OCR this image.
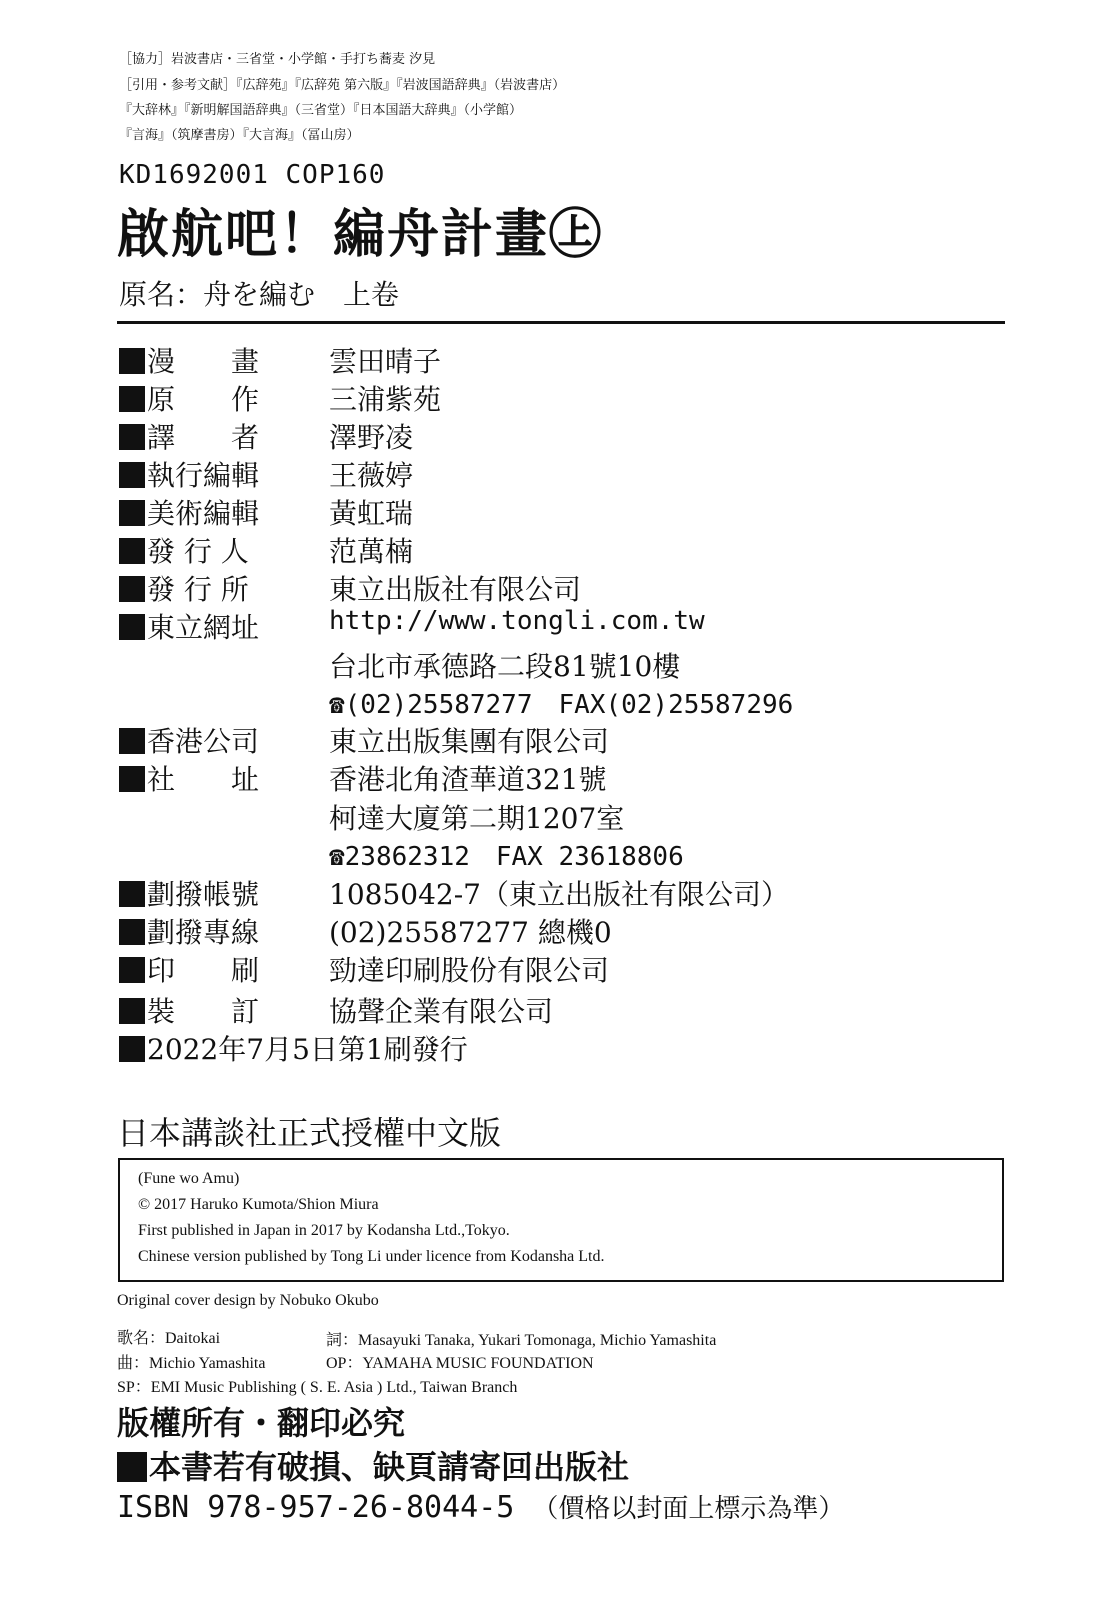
［協力］岩波書店・三省堂・小学館・手打ち蕎麦 汐見
［引用・参考文献］『広辞苑』『広辞苑 第六版』『岩波国語辞典』（岩波書店）
『大辞林』『新明解国語辞典』（三省堂）『日本国語大辞典』（小学館）
『言海』（筑摩書房）『大言海』（冨山房）
KD1692001 COP160
啟航吧！編舟計畫㊤
原名：舟を編む　上卷
漫　　畫 雲田晴子
原　　作 三浦紫苑
譯　　者 澤野凌
執行編輯 王薇婷
美術編輯 黃虹瑞
發 行 人	范萬楠
發 行 所	東立出版社有限公司
東立網址	http://www.tongli.com.tw
台北市承德路二段81號10樓
☎(02)25587277　FAX(02)25587296
香港公司 東立出版集團有限公司
社　　址 香港北角渣華道321號
柯達大廈第二期1207室
☎23862312　FAX 23618806
劃撥帳號 1085042-7（東立出版社有限公司）
劃撥專線 (02)25587277 總機0
印　　刷 勁達印刷股份有限公司
裝　　訂 協聲企業有限公司
2022年7月5日第1刷發行
日本講談社正式授權中文版
(Fune wo Amu)
© 2017 Haruko Kumota/Shion Miura
First published in Japan in 2017 by Kodansha Ltd.,Tokyo.
Chinese version published by Tong Li under licence from Kodansha Ltd.
Original cover design by Nobuko Okubo
歌名：Daitokai	詞：Masayuki Tanaka, Yukari Tomonaga, Michio Yamashita
曲：Michio Yamashita	OP：YAMAHA MUSIC FOUNDATION
SP：EMI Music Publishing ( S. E. Asia ) Ltd., Taiwan Branch
版權所有・翻印必究
本書若有破損、缺頁請寄回出版社
ISBN 978-957-26-8044-5 （價格以封面上標示為準）
